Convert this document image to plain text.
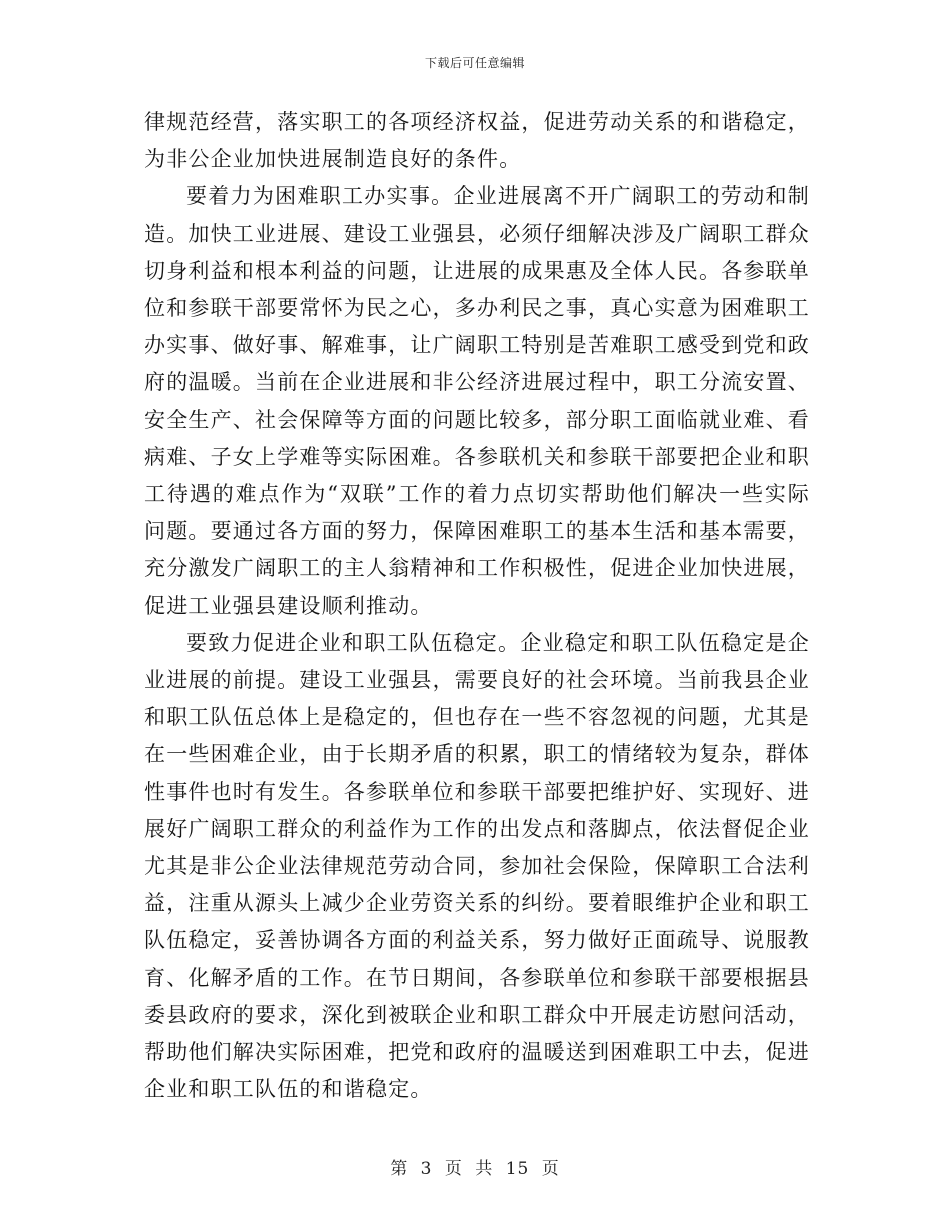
下载后可任意编辑

律规范经营，落实职工的各项经济权益，促进劳动关系的和谐稳定，为非公企业加快进展制造良好的条件。

要着力为困难职工办实事。企业进展离不开广阔职工的劳动和制造。加快工业进展、建设工业强县，必须仔细解决涉及广阔职工群众切身利益和根本利益的问题，让进展的成果惠及全体人民。各参联单位和参联干部要常怀为民之心，多办利民之事，真心实意为困难职工办实事、做好事、解难事，让广阔职工特别是苦难职工感受到党和政府的温暖。当前在企业进展和非公经济进展过程中，职工分流安置、安全生产、社会保障等方面的问题比较多，部分职工面临就业难、看病难、子女上学难等实际困难。各参联机关和参联干部要把企业和职工待遇的难点作为“双联”工作的着力点切实帮助他们解决一些实际问题。要通过各方面的努力，保障困难职工的基本生活和基本需要，充分激发广阔职工的主人翁精神和工作积极性，促进企业加快进展，促进工业强县建设顺利推动。

要致力促进企业和职工队伍稳定。企业稳定和职工队伍稳定是企业进展的前提。建设工业强县，需要良好的社会环境。当前我县企业和职工队伍总体上是稳定的，但也存在一些不容忽视的问题，尤其是在一些困难企业，由于长期矛盾的积累，职工的情绪较为复杂，群体性事件也时有发生。各参联单位和参联干部要把维护好、实现好、进展好广阔职工群众的利益作为工作的出发点和落脚点，依法督促企业尤其是非公企业法律规范劳动合同，参加社会保险，保障职工合法利益，注重从源头上减少企业劳资关系的纠纷。要着眼维护企业和职工队伍稳定，妥善协调各方面的利益关系，努力做好正面疏导、说服教育、化解矛盾的工作。在节日期间，各参联单位和参联干部要根据县委县政府的要求，深化到被联企业和职工群众中开展走访慰问活动，帮助他们解决实际困难，把党和政府的温暖送到困难职工中去，促进企业和职工队伍的和谐稳定。

第 3 页 共 15 页
